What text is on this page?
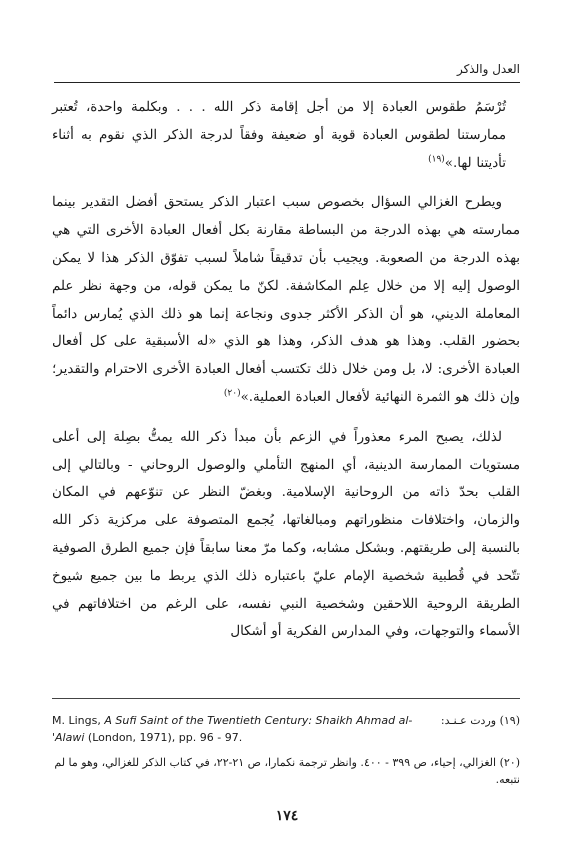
العدل والذكر

تُرْسَمُ طقوس العبادة إلا من أجل إقامة ذكر الله . . . وبكلمة واحدة، تُعتبر ممارستنا لطقوس العبادة قوية أو ضعيفة وفقاً لدرجة الذكر الذي نقوم به أثناء تأديتنا لها.»$^{(١٩)}$

ويطرح الغزالي السؤال بخصوص سبب اعتبار الذكر يستحق أفضل التقدير بينما ممارسته هي بهذه الدرجة من البساطة مقارنة بكل أفعال العبادة الأخرى التي هي بهذه الدرجة من الصعوبة. ويجيب بأن تدقيقاً شاملاً لسبب تفوّق الذكر هذا لا يمكن الوصول إليه إلا من خلال عِلم المكاشفة. لكنّ ما يمكن قوله، من وجهة نظر علم المعاملة الديني، هو أن الذكر الأكثر جدوى ونجاعة إنما هو ذلك الذي يُمارس دائماً بحضور القلب. وهذا هو هدف الذكر، وهذا هو الذي «له الأسبقية على كل أفعال العبادة الأخرى: لا، بل ومن خلال ذلك تكتسب أفعال العبادة الأخرى الاحترام والتقدير؛ وإن ذلك هو الثمرة النهائية لأفعال العبادة العملية.»$^{(٢٠)}$

لذلك، يصبح المرء معذوراً في الزعم بأن مبدأ ذكر الله يمتُّ بصِلة إلى أعلى مستويات الممارسة الدينية، أي المنهج التأملي والوصول الروحاني - وبالتالي إلى القلب بحدّ ذاته من الروحانية الإسلامية. وبغضّ النظر عن تنوّعهم في المكان والزمان، واختلافات منظوراتهم ومبالغاتها، يُجمع المتصوفة على مركزية ذكر الله بالنسبة إلى طريقتهم. وبشكل مشابه، وكما مرّ معنا سابقاً فإن جميع الطرق الصوفية تتّحد في قُطبية شخصية الإمام عليّ باعتباره ذلك الذي يربط ما بين جميع شيوخ الطريقة الروحية اللاحقين وشخصية النبي نفسه، على الرغم من اختلافاتهم في الأسماء والتوجهات، وفي المدارس الفكرية أو أشكال

(١٩) وردت عـنـد:
M. Lings, A Sufi Saint of the Twentieth Century: Shaikh Ahmad al-'Alawi (London, 1971), pp. 96 - 97.
(٢٠) الغزالي، إحياء، ص ٣٩٩ - ٤٠٠. وانظر ترجمة نكمارا، ص ٢١-٢٢، في كتاب الذكر للغزالي، وهو ما لم نتبعه.
١٧٤
